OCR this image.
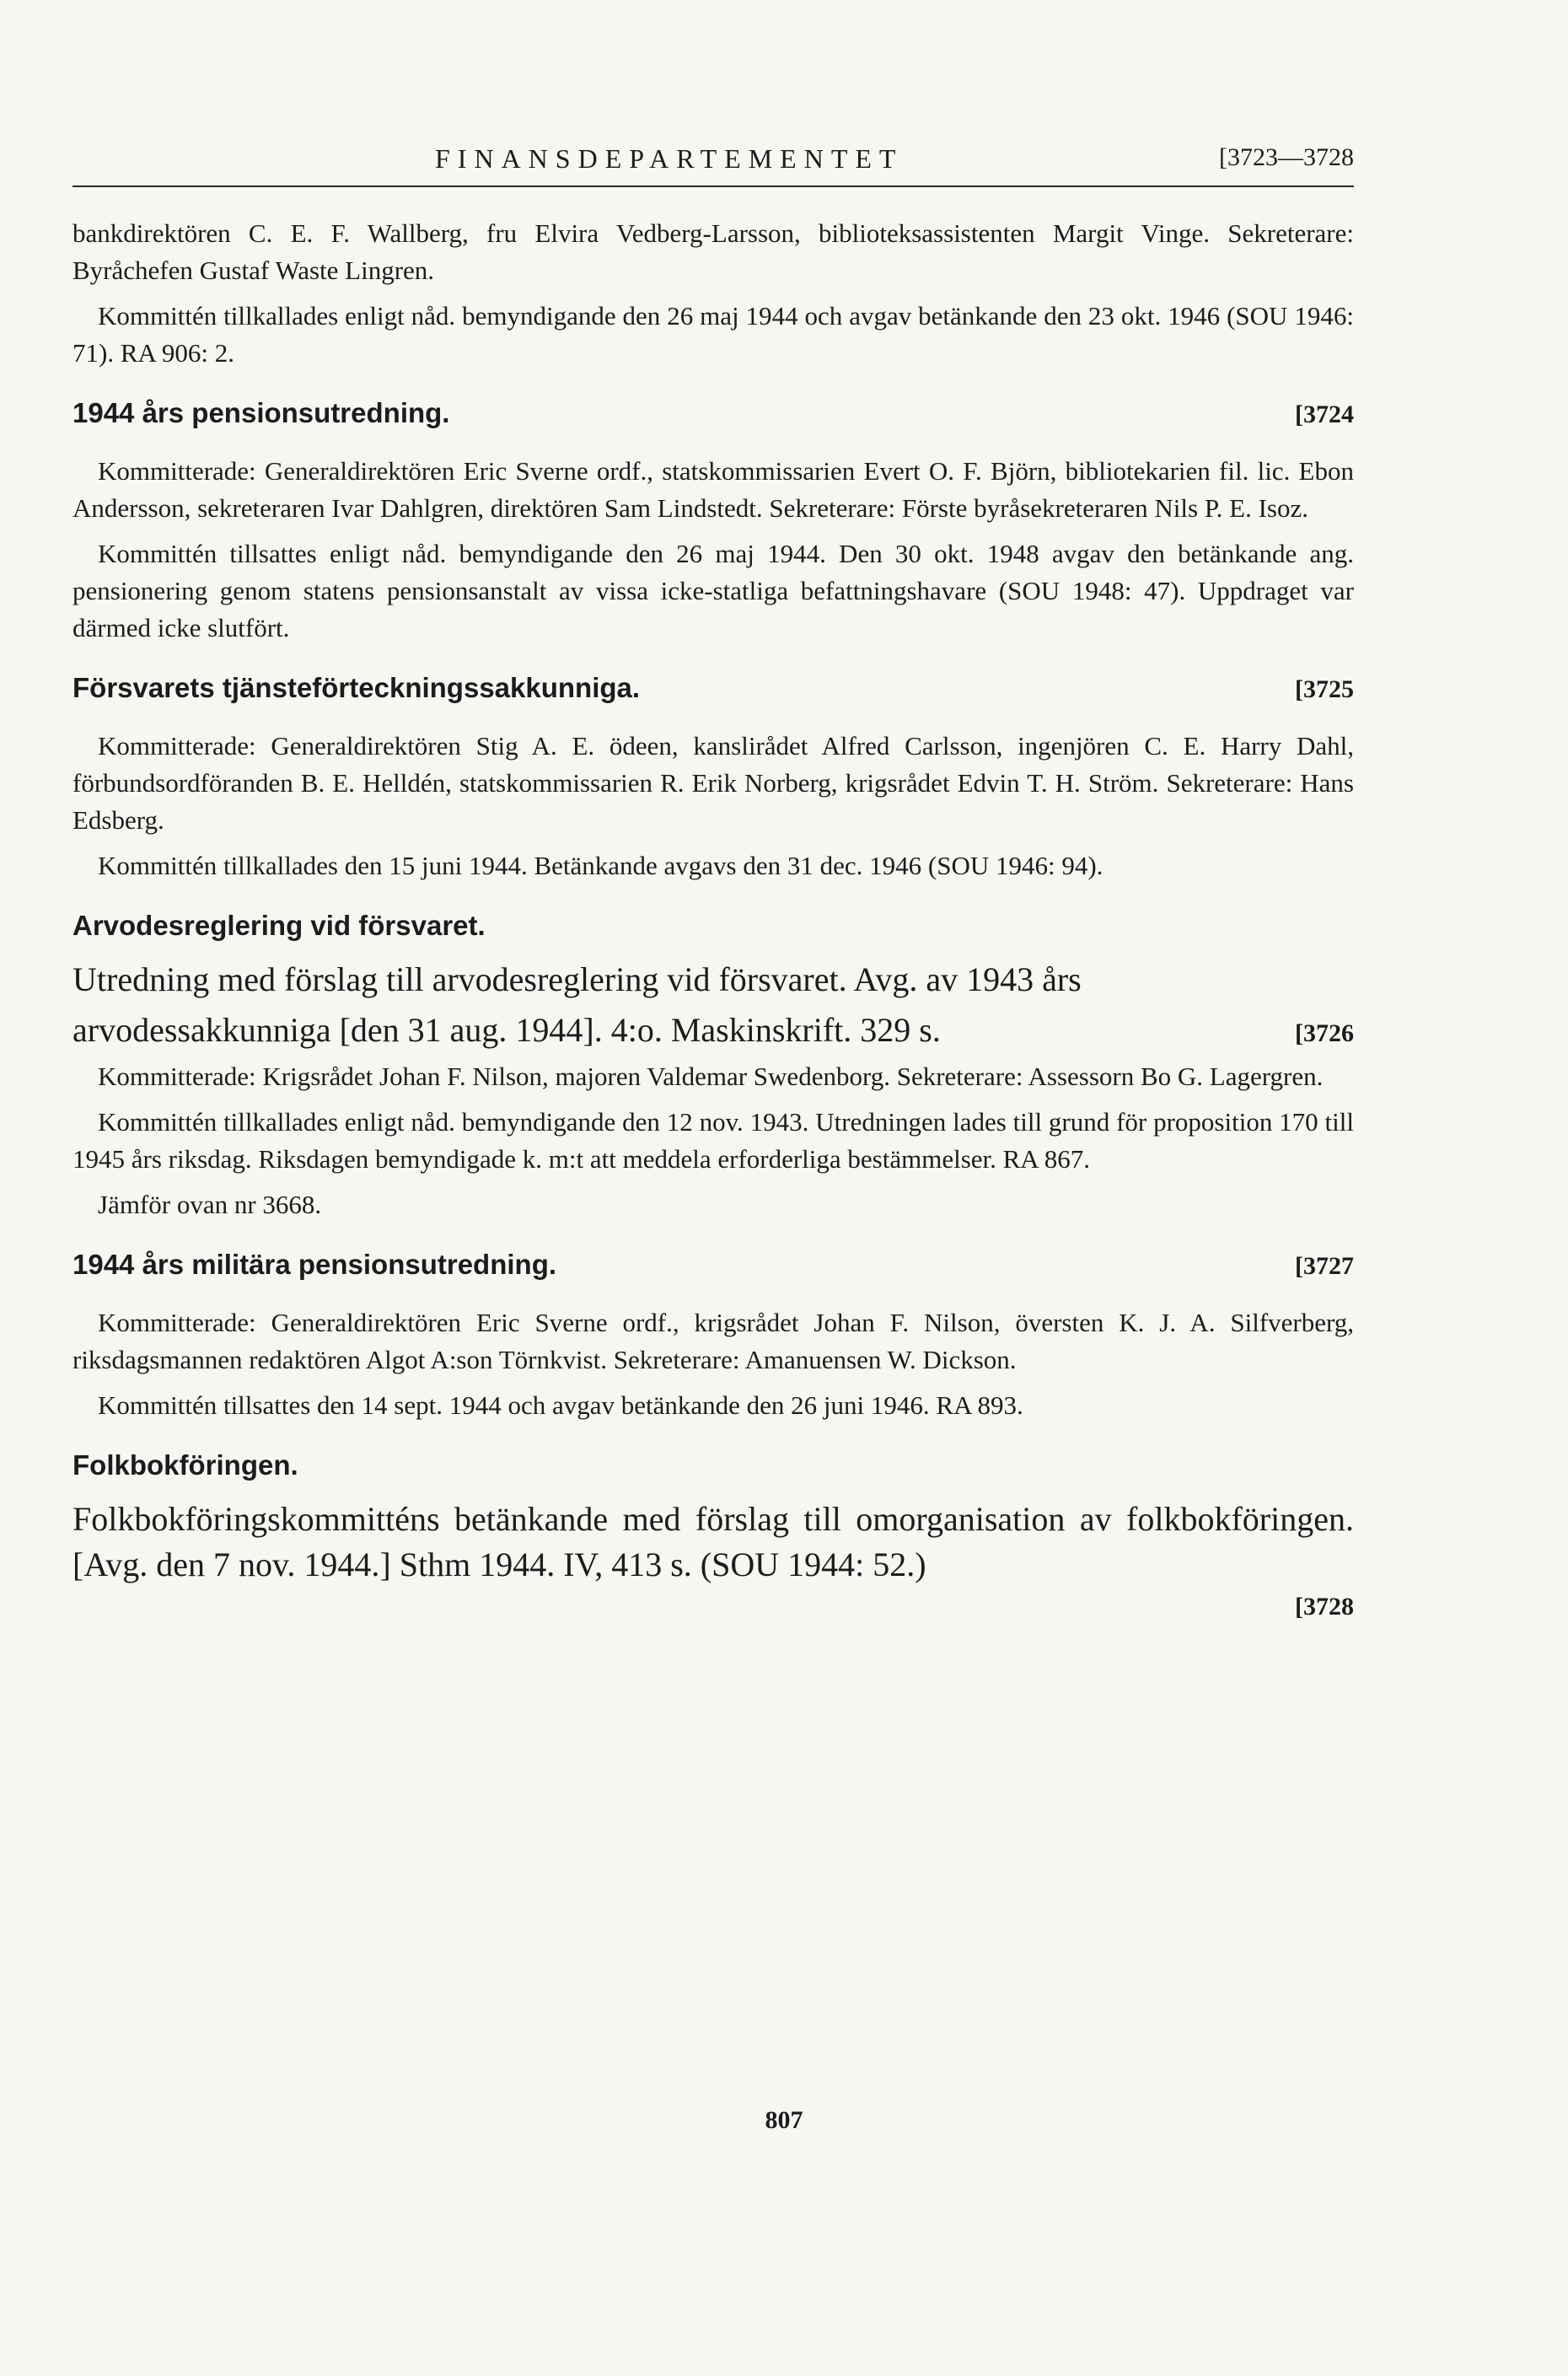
FINANSDEPARTEMENTET	[3723—3728

bankdirektören C. E. F. Wallberg, fru Elvira Vedberg-Larsson, biblioteksassistenten Margit Vinge. Sekreterare: Byråchefen Gustaf Waste Lingren.

Kommittén tillkallades enligt nåd. bemyndigande den 26 maj 1944 och avgav betänkande den 23 okt. 1946 (SOU 1946: 71). RA 906: 2.

1944 års pensionsutredning.	[3724

Kommitterade: Generaldirektören Eric Sverne ordf., statskommissarien Evert O. F. Björn, bibliotekarien fil. lic. Ebon Andersson, sekreteraren Ivar Dahlgren, direktören Sam Lindstedt. Sekreterare: Förste byråsekreteraren Nils P. E. Isoz.

Kommittén tillsattes enligt nåd. bemyndigande den 26 maj 1944. Den 30 okt. 1948 avgav den betänkande ang. pensionering genom statens pensionsanstalt av vissa icke-statliga befattningshavare (SOU 1948: 47). Uppdraget var därmed icke slutfört.

Försvarets tjänsteförteckningssakkunniga.	[3725

Kommitterade: Generaldirektören Stig A. E. ödeen, kanslirådet Alfred Carlsson, ingenjören C. E. Harry Dahl, förbundsordföranden B. E. Helldén, statskommissarien R. Erik Norberg, krigsrådet Edvin T. H. Ström. Sekreterare: Hans Edsberg.

Kommittén tillkallades den 15 juni 1944. Betänkande avgavs den 31 dec. 1946 (SOU 1946: 94).

Arvodesreglering vid försvaret.

Utredning med förslag till arvodesreglering vid försvaret. Avg. av 1943 års

arvodessakkunniga [den 31 aug. 1944]. 4:o. Maskinskrift. 329 s.	[3726

Kommitterade: Krigsrådet Johan F. Nilson, majoren Valdemar Swedenborg. Sekreterare: Assessorn Bo G. Lagergren.

Kommittén tillkallades enligt nåd. bemyndigande den 12 nov. 1943. Utredningen lades till grund för proposition 170 till 1945 års riksdag. Riksdagen bemyndigade k. m:t att meddela erforderliga bestämmelser. RA 867.

Jämför ovan nr 3668.

1944 års militära pensionsutredning.	[3727

Kommitterade: Generaldirektören Eric Sverne ordf., krigsrådet Johan F. Nilson, översten K. J. A. Silfverberg, riksdagsmannen redaktören Algot A:son Törnkvist. Sekreterare: Amanuensen W. Dickson.

Kommittén tillsattes den 14 sept. 1944 och avgav betänkande den 26 juni 1946. RA 893.

Folkbokföringen.

Folkbokföringskommitténs betänkande med förslag till omorganisation av folkbokföringen. [Avg. den 7 nov. 1944.] Sthm 1944. IV, 413 s. (SOU 1944: 52.)

[3728
807
